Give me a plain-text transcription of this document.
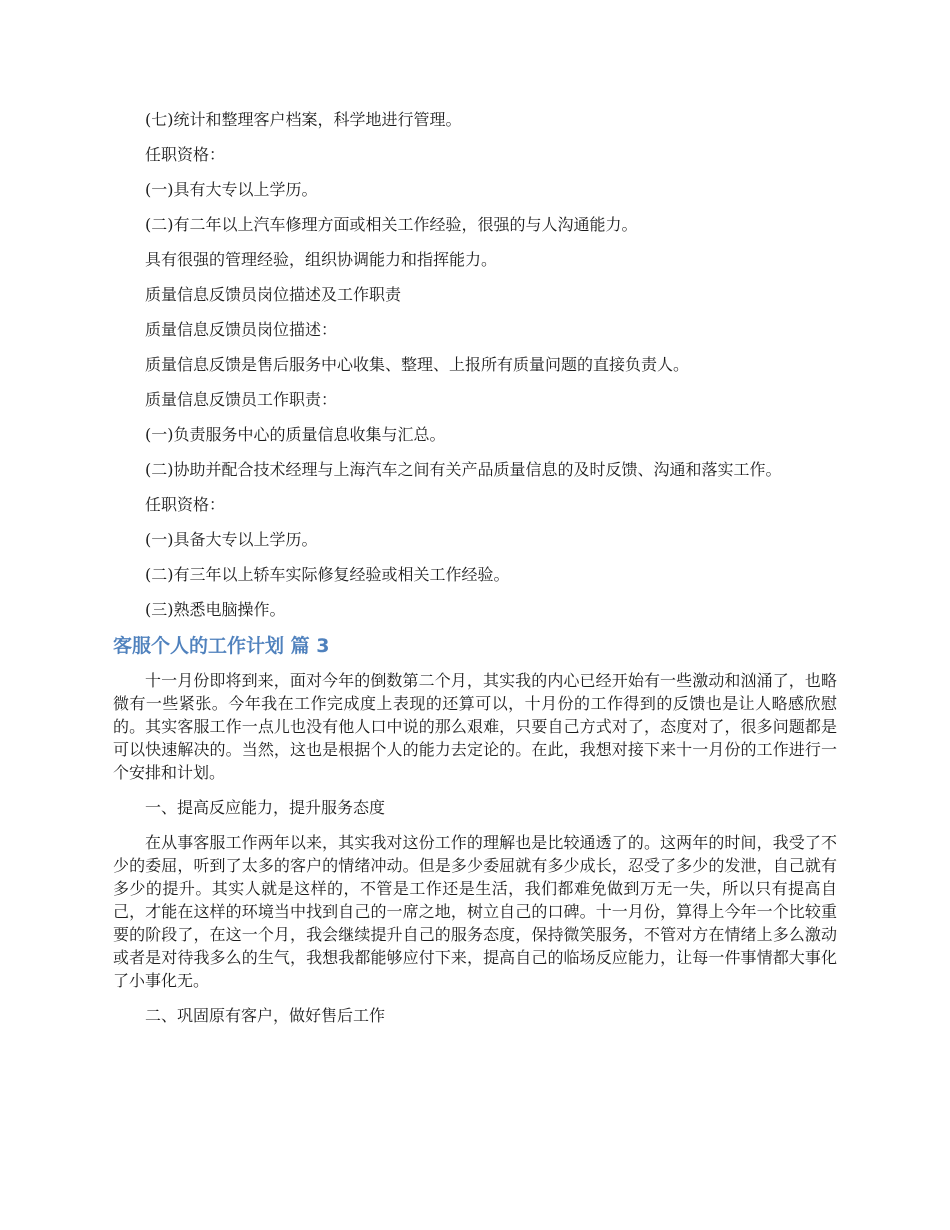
(七)统计和整理客户档案，科学地进行管理。

任职资格：

(一)具有大专以上学历。

(二)有二年以上汽车修理方面或相关工作经验，很强的与人沟通能力。

具有很强的管理经验，组织协调能力和指挥能力。

质量信息反馈员岗位描述及工作职责

质量信息反馈员岗位描述：

质量信息反馈是售后服务中心收集、整理、上报所有质量问题的直接负责人。

质量信息反馈员工作职责：

(一)负责服务中心的质量信息收集与汇总。

(二)协助并配合技术经理与上海汽车之间有关产品质量信息的及时反馈、沟通和落实工作。

任职资格：

(一)具备大专以上学历。

(二)有三年以上轿车实际修复经验或相关工作经验。

(三)熟悉电脑操作。

客服个人的工作计划 篇 3

十一月份即将到来，面对今年的倒数第二个月，其实我的内心已经开始有一些激动和汹涌了，也略微有一些紧张。今年我在工作完成度上表现的还算可以，十月份的工作得到的反馈也是让人略感欣慰的。其实客服工作一点儿也没有他人口中说的那么艰难，只要自己方式对了，态度对了，很多问题都是可以快速解决的。当然，这也是根据个人的能力去定论的。在此，我想对接下来十一月份的工作进行一个安排和计划。

一、提高反应能力，提升服务态度

在从事客服工作两年以来，其实我对这份工作的理解也是比较通透了的。这两年的时间，我受了不少的委屈，听到了太多的客户的情绪冲动。但是多少委屈就有多少成长，忍受了多少的发泄，自己就有多少的提升。其实人就是这样的，不管是工作还是生活，我们都难免做到万无一失，所以只有提高自己，才能在这样的环境当中找到自己的一席之地，树立自己的口碑。十一月份，算得上今年一个比较重要的阶段了，在这一个月，我会继续提升自己的服务态度，保持微笑服务，不管对方在情绪上多么激动或者是对待我多么的生气，我想我都能够应付下来，提高自己的临场反应能力，让每一件事情都大事化了小事化无。

二、巩固原有客户，做好售后工作
